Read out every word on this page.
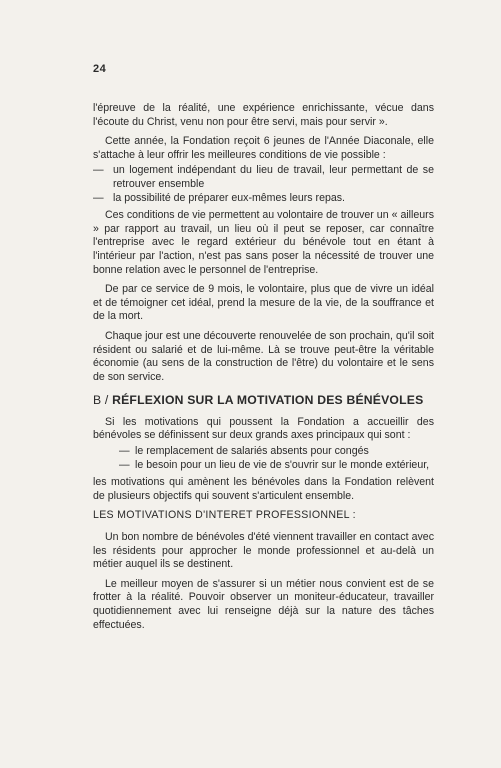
24

l'épreuve de la réalité, une expérience enrichissante, vécue dans l'écoute du Christ, venu non pour être servi, mais pour servir ».

Cette année, la Fondation reçoit 6 jeunes de l'Année Diaconale, elle s'attache à leur offrir les meilleures conditions de vie possible :

— un logement indépendant du lieu de travail, leur permettant de se retrouver ensemble
— la possibilité de préparer eux-mêmes leurs repas.

Ces conditions de vie permettent au volontaire de trouver un « ailleurs » par rapport au travail, un lieu où il peut se reposer, car connaître l'entreprise avec le regard extérieur du bénévole tout en étant à l'intérieur par l'action, n'est pas sans poser la nécessité de trouver une bonne relation avec le personnel de l'entreprise.

De par ce service de 9 mois, le volontaire, plus que de vivre un idéal et de témoigner cet idéal, prend la mesure de la vie, de la souffrance et de la mort.

Chaque jour est une découverte renouvelée de son prochain, qu'il soit résident ou salarié et de lui-même. Là se trouve peut-être la véritable économie (au sens de la construction de l'être) du volontaire et le sens de son service.

B / RÉFLEXION SUR LA MOTIVATION DES BÉNÉVOLES

Si les motivations qui poussent la Fondation a accueillir des bénévoles se définissent sur deux grands axes principaux qui sont :

— le remplacement de salariés absents pour congés
— le besoin pour un lieu de vie de s'ouvrir sur le monde extérieur,

les motivations qui amènent les bénévoles dans la Fondation relèvent de plusieurs objectifs qui souvent s'articulent ensemble.

LES MOTIVATIONS D'INTERET PROFESSIONNEL :

Un bon nombre de bénévoles d'été viennent travailler en contact avec les résidents pour approcher le monde professionnel et au-delà un métier auquel ils se destinent.

Le meilleur moyen de s'assurer si un métier nous convient est de se frotter à la réalité. Pouvoir observer un moniteur-éducateur, travailler quotidiennement avec lui renseigne déjà sur la nature des tâches effectuées.
